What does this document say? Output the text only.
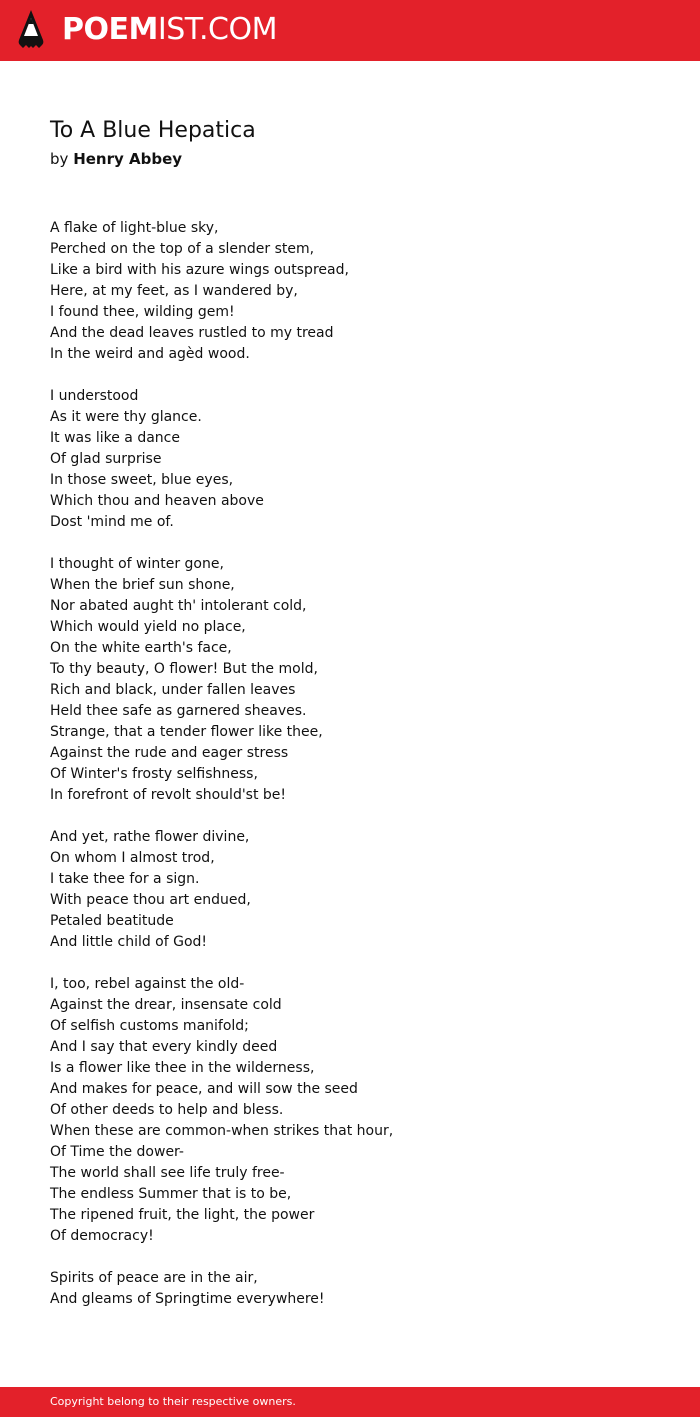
POEMIST.COM
To A Blue Hepatica
by Henry Abbey
A flake of light-blue sky,
Perched on the top of a slender stem,
Like a bird with his azure wings outspread,
Here, at my feet, as I wandered by,
I found thee, wilding gem!
And the dead leaves rustled to my tread
In the weird and agèd wood.
I understood
As it were thy glance.
It was like a dance
Of glad surprise
In those sweet, blue eyes,
Which thou and heaven above
Dost 'mind me of.
I thought of winter gone,
When the brief sun shone,
Nor abated aught th' intolerant cold,
Which would yield no place,
On the white earth's face,
To thy beauty, O flower! But the mold,
Rich and black, under fallen leaves
Held thee safe as garnered sheaves.
Strange, that a tender flower like thee,
Against the rude and eager stress
Of Winter's frosty selfishness,
In forefront of revolt should'st be!
And yet, rathe flower divine,
On whom I almost trod,
I take thee for a sign.
With peace thou art endued,
Petaled beatitude
And little child of God!
I, too, rebel against the old-
Against the drear, insensate cold
Of selfish customs manifold;
And I say that every kindly deed
Is a flower like thee in the wilderness,
And makes for peace, and will sow the seed
Of other deeds to help and bless.
When these are common-when strikes that hour,
Of Time the dower-
The world shall see life truly free-
The endless Summer that is to be,
The ripened fruit, the light, the power
Of democracy!
Spirits of peace are in the air,
And gleams of Springtime everywhere!
Copyright belong to their respective owners.
